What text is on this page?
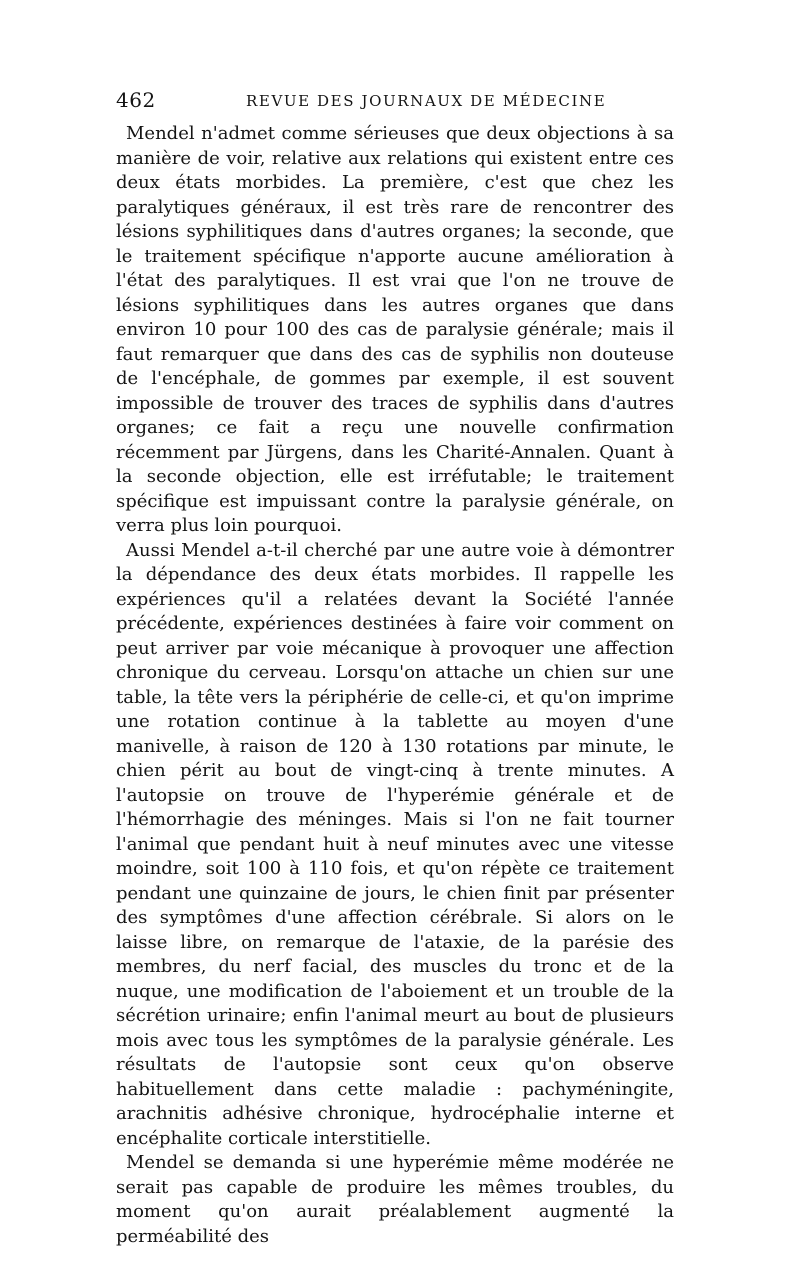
462	REVUE DES JOURNAUX DE MÉDECINE

Mendel n'admet comme sérieuses que deux objections à sa manière de voir, relative aux relations qui existent entre ces deux états morbides. La première, c'est que chez les paralytiques généraux, il est très rare de rencontrer des lésions syphilitiques dans d'autres organes; la seconde, que le traitement spécifique n'apporte aucune amélioration à l'état des paralytiques. Il est vrai que l'on ne trouve de lésions syphilitiques dans les autres organes que dans environ 10 pour 100 des cas de paralysie générale; mais il faut remarquer que dans des cas de syphilis non douteuse de l'encéphale, de gommes par exemple, il est souvent impossible de trouver des traces de syphilis dans d'autres organes; ce fait a reçu une nouvelle confirmation récemment par Jürgens, dans les Charité-Annalen. Quant à la seconde objection, elle est irréfutable; le traitement spécifique est impuissant contre la paralysie générale, on verra plus loin pourquoi.

Aussi Mendel a-t-il cherché par une autre voie à démontrer la dépendance des deux états morbides. Il rappelle les expériences qu'il a relatées devant la Société l'année précédente, expériences destinées à faire voir comment on peut arriver par voie mécanique à provoquer une affection chronique du cerveau. Lorsqu'on attache un chien sur une table, la tête vers la périphérie de celle-ci, et qu'on imprime une rotation continue à la tablette au moyen d'une manivelle, à raison de 120 à 130 rotations par minute, le chien périt au bout de vingt-cinq à trente minutes. A l'autopsie on trouve de l'hyperémie générale et de l'hémorrhagie des méninges. Mais si l'on ne fait tourner l'animal que pendant huit à neuf minutes avec une vitesse moindre, soit 100 à 110 fois, et qu'on répète ce traitement pendant une quinzaine de jours, le chien finit par présenter des symptômes d'une affection cérébrale. Si alors on le laisse libre, on remarque de l'ataxie, de la parésie des membres, du nerf facial, des muscles du tronc et de la nuque, une modification de l'aboiement et un trouble de la sécrétion urinaire; enfin l'animal meurt au bout de plusieurs mois avec tous les symptômes de la paralysie générale. Les résultats de l'autopsie sont ceux qu'on observe habituellement dans cette maladie : pachyméningite, arachnitis adhésive chronique, hydrocéphalie interne et encéphalite corticale interstitielle.

Mendel se demanda si une hyperémie même modérée ne serait pas capable de produire les mêmes troubles, du moment qu'on aurait préalablement augmenté la perméabilité des
